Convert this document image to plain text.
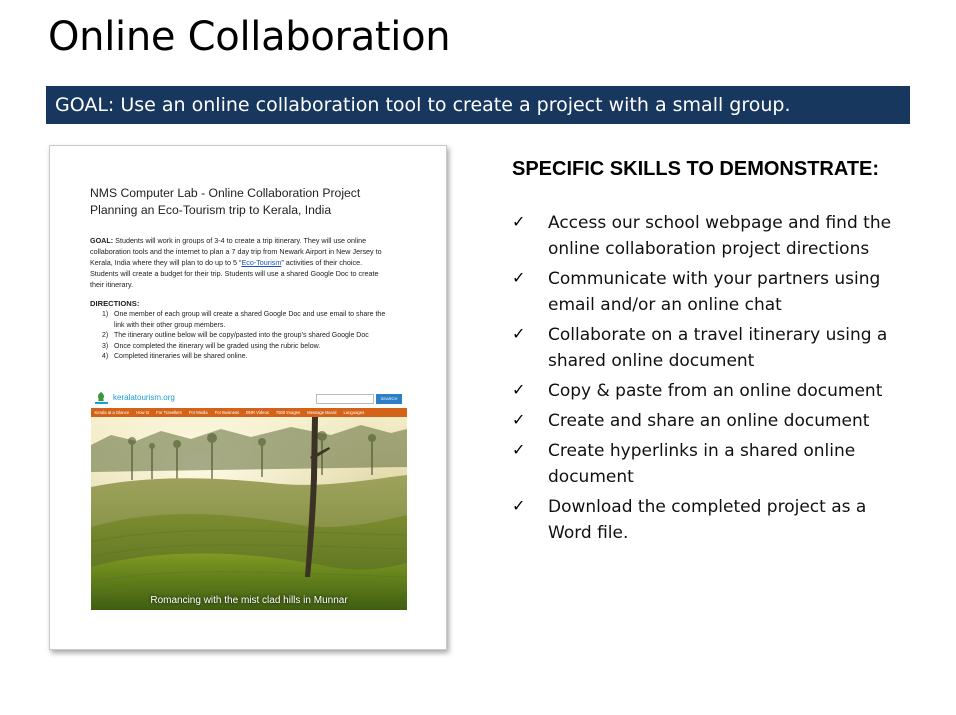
Online Collaboration
GOAL: Use an online collaboration tool to create a project with a small group.
NMS Computer Lab - Online Collaboration Project
Planning an Eco-Tourism trip to Kerala, India

GOAL: Students will work in groups of 3-4 to create a trip itinerary. They will use online collaboration tools and the internet to plan a 7 day trip from Newark Airport in New Jersey to Kerala, India where they will plan to do up to 5 “Eco-Tourism” activities of their choice. Students will create a budget for their trip. Students will use a shared Google Doc to create their itinerary.

DIRECTIONS:
1) One member of each group will create a shared Google Doc and use email to share the link with their other group members.
2) The itinerary outline below will be copy/pasted into the group’s shared Google Doc
3) Once completed the itinerary will be graded using the rubric below.
4) Completed itineraries will be shared online.
keralatourism.org	SEARCH
Kerala at a Glance	How to	For Travellers	For Media	For Business	BNR Videos	7500 Images	Message Board	Languages
Romancing with the mist clad hills in Munnar
SPECIFIC SKILLS TO DEMONSTRATE:
✓ Access our school webpage and find the online collaboration project directions
✓ Communicate with your partners using email and/or an online chat
✓ Collaborate on a travel itinerary using a shared online document
✓ Copy & paste from an online document
✓ Create and share an online document
✓ Create hyperlinks in a shared online document
✓ Download the completed project as a Word file.
